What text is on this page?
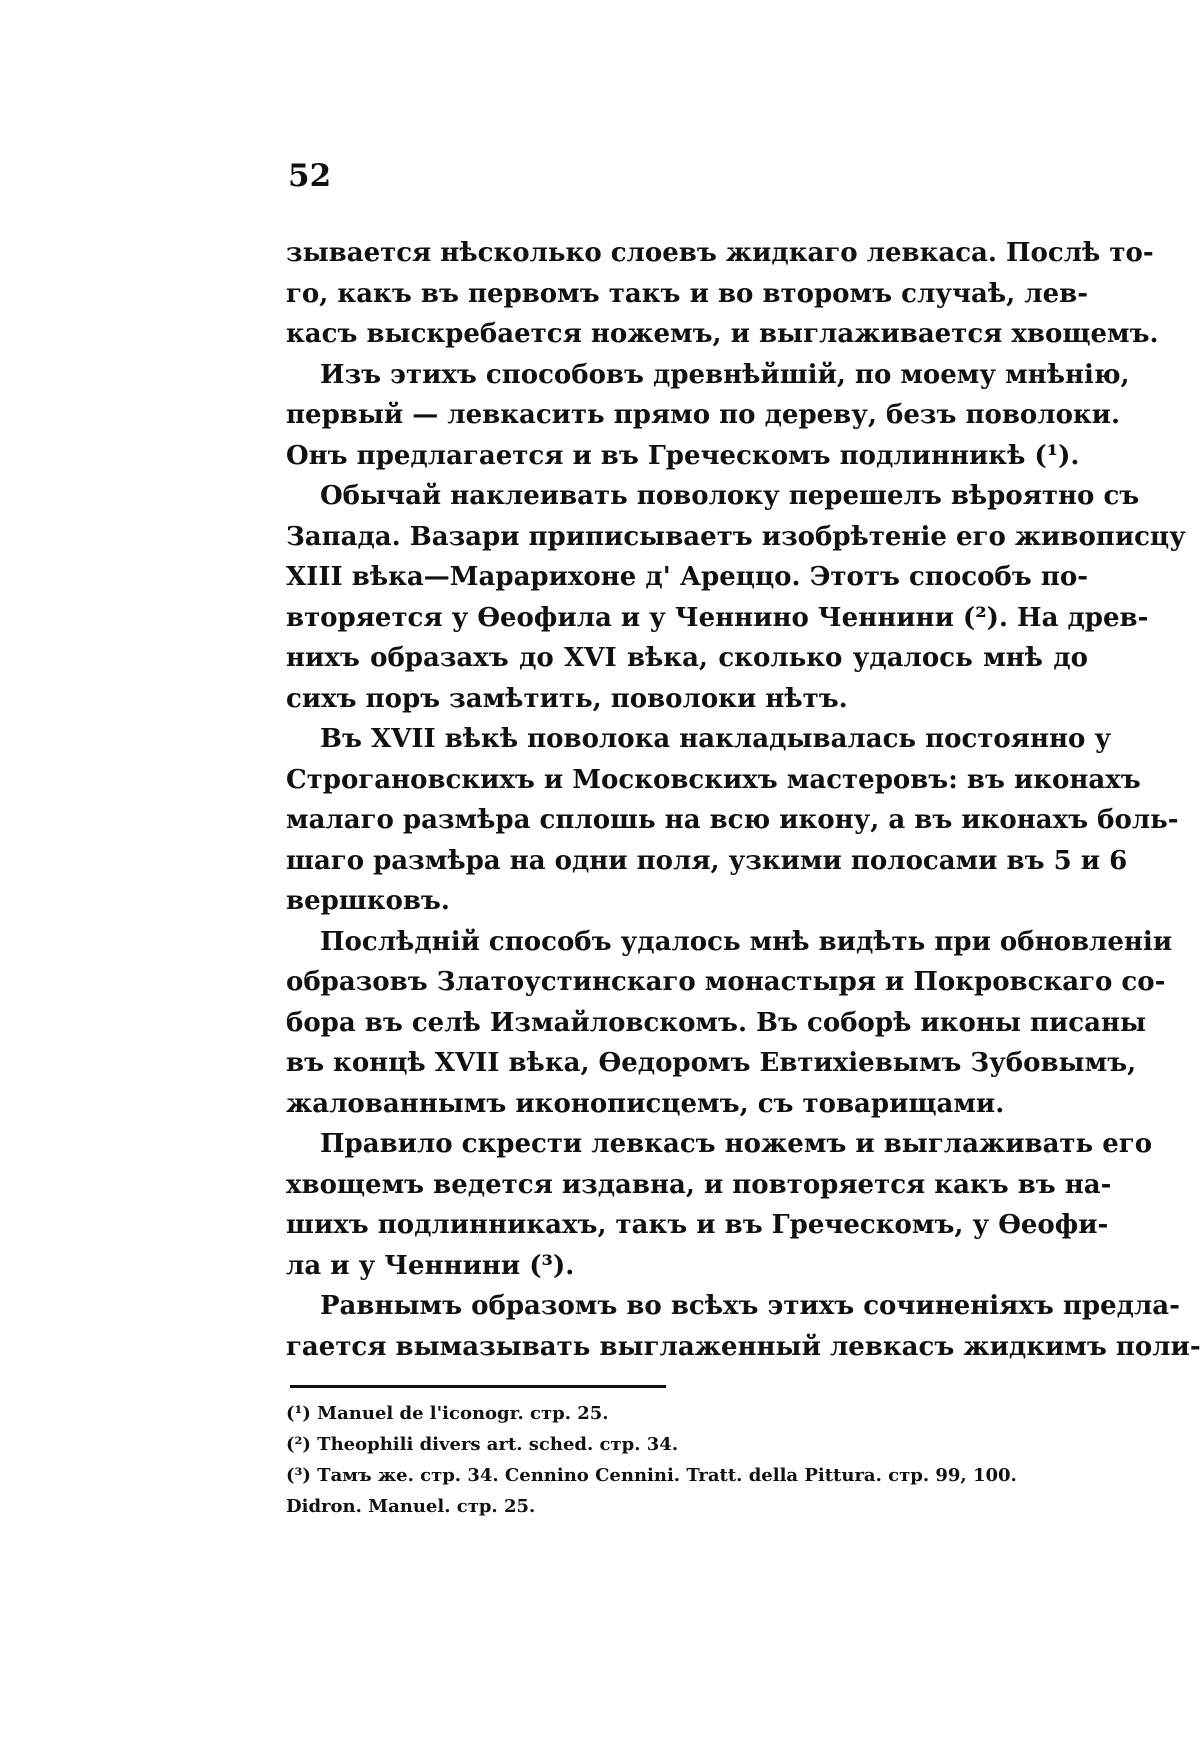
52
зывается нѣсколько слоевъ жидкаго левкаса. Послѣ то-
го, какъ въ первомъ такъ и во второмъ случаѣ, лев-
касъ выскребается ножемъ, и выглаживается хвощемъ.
Изъ этихъ способовъ древнѣйшій, по моему мнѣнію,
первый — левкасить прямо по дереву, безъ поволоки.
Онъ предлагается и въ Греческомъ подлинникѣ (¹).
Обычай наклеивать поволоку перешелъ вѣроятно съ
Запада. Вазари приписываетъ изобрѣтеніе его живописцу
XIII вѣка—Марарихоне д' Ареццо. Этотъ способъ по-
вторяется у Ѳеофила и у Ченнино Ченнини (²). На древ-
нихъ образахъ до XVI вѣка, сколько удалось мнѣ до
сихъ поръ замѣтить, поволоки нѣтъ.
Въ XVII вѣкѣ поволока накладывалась постоянно у
Строгановскихъ и Московскихъ мастеровъ: въ иконахъ
малаго размѣра сплошь на всю икону, а въ иконахъ боль-
шаго размѣра на одни поля, узкими полосами въ 5 и 6
вершковъ.
Послѣдній способъ удалось мнѣ видѣть при обновленіи
образовъ Златоустинскаго монастыря и Покровскаго со-
бора въ селѣ Измайловскомъ. Въ соборѣ иконы писаны
въ концѣ XVII вѣка, Ѳедоромъ Евтихіевымъ Зубовымъ,
жалованнымъ иконописцемъ, съ товарищами.
Правило скрести левкасъ ножемъ и выглаживать его
хвощемъ ведется издавна, и повторяется какъ въ на-
шихъ подлинникахъ, такъ и въ Греческомъ, у Ѳеофи-
ла и у Ченнини (³).
Равнымъ образомъ во всѣхъ этихъ сочиненіяхъ предла-
гается вымазывать выглаженный левкасъ жидкимъ поли-
(¹) Manuel de l'iconogr. стр. 25.
(²) Theophili divers art. sched. стр. 34.
(³) Тамъ же. стр. 34. Cennino Cennini. Tratt. della Pittura. стр. 99, 100.
Didron. Manuel. стр. 25.
